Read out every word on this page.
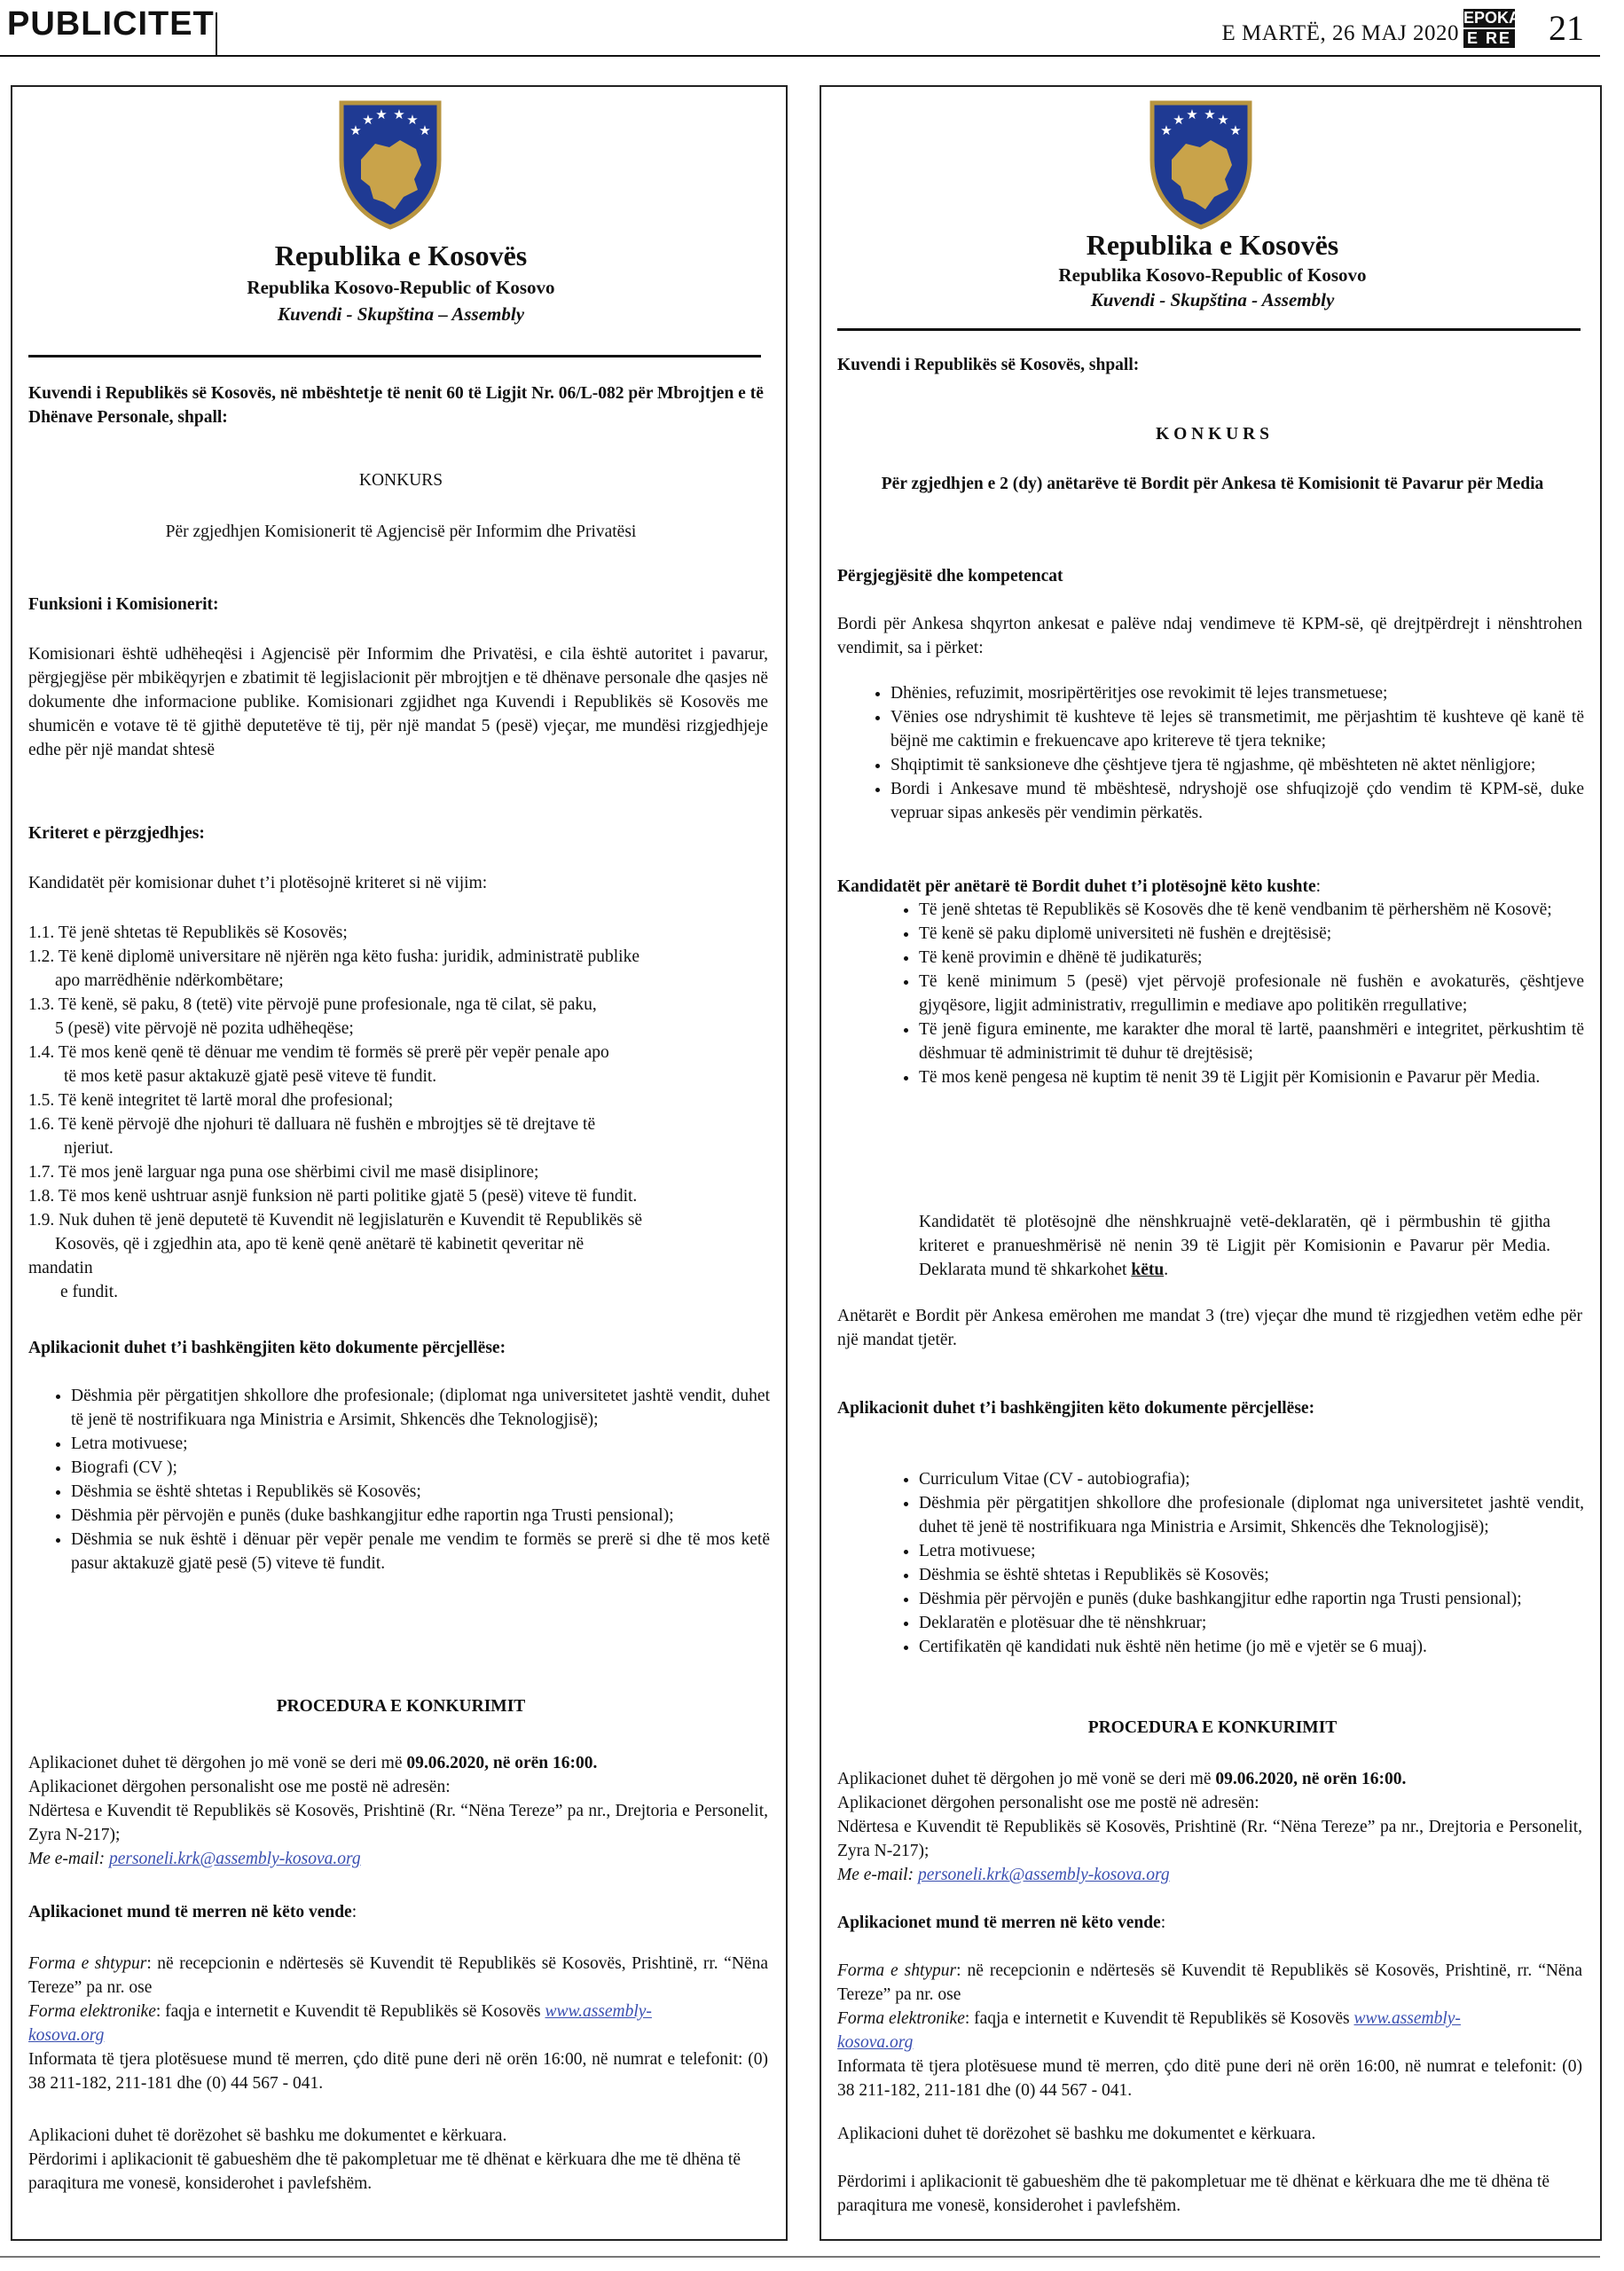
PUBLICITET	E MARTË, 26 MAJ 2020
EPOKA
E RE 21
★
★ ★ ★ ★
★
Republika e Kosovës
Republika Kosovo-Republic of Kosovo
Kuvendi - Skupština – Assembly

Kuvendi i Republikës së Kosovës, në mbështetje të nenit 60 të Ligjit Nr. 06/L-082 për Mbrojtjen e të Dhënave Personale, shpall:

KONKURS

Për zgjedhjen Komisionerit të Agjencisë për Informim dhe Privatësi

Funksioni i Komisionerit:

Komisionari është udhëheqësi i Agjencisë për Informim dhe Privatësi, e cila është autoritet i pavarur, përgjegjëse për mbikëqyrjen e zbatimit të legjislacionit për mbrojtjen e të dhënave personale dhe qasjes në dokumente dhe informacione publike. Komisionari zgjidhet nga Kuvendi i Republikës së Kosovës me shumicën e votave të të gjithë deputetëve të tij, për një mandat 5 (pesë) vjeçar, me mundësi rizgjedhjeje edhe për një mandat shtesë

Kriteret e përzgjedhjes:

Kandidatët për komisionar duhet t’i plotësojnë kriteret si në vijim:

1.1. Të jenë shtetas të Republikës së Kosovës;
1.2. Të kenë diplomë universitare në njërën nga këto fusha: juridik, administratë publike
apo marrëdhënie ndërkombëtare;
1.3. Të kenë, së paku, 8 (tetë) vite përvojë pune profesionale, nga të cilat, së paku,
5 (pesë) vite përvojë në pozita udhëheqëse;
1.4. Të mos kenë qenë të dënuar me vendim të formës së prerë për vepër penale apo
të mos ketë pasur aktakuzë gjatë pesë viteve të fundit.
1.5. Të kenë integritet të lartë moral dhe profesional;
1.6. Të kenë përvojë dhe njohuri të dalluara në fushën e mbrojtjes së të drejtave të
njeriut.
1.7. Të mos jenë larguar nga puna ose shërbimi civil me masë disiplinore;
1.8. Të mos kenë ushtruar asnjë funksion në parti politike gjatë 5 (pesë) viteve të fundit.
1.9. Nuk duhen të jenë deputetë të Kuvendit në legjislaturën e Kuvendit të Republikës së
Kosovës, që i zgjedhin ata, apo të kenë qenë anëtarë të kabinetit qeveritar në
mandatin
e fundit.

Aplikacionit duhet t’i bashkëngjiten këto dokumente përcjellëse:

• Dëshmia për përgatitjen shkollore dhe profesionale; (diplomat nga universitetet jashtë vendit, duhet të jenë të nostrifikuara nga Ministria e Arsimit, Shkencës dhe Teknologjisë);
• Letra motivuese;
• Biografi (CV );
• Dëshmia se është shtetas i Republikës së Kosovës;
• Dëshmia për përvojën e punës (duke bashkangjitur edhe raportin nga Trusti pensional);
• Dëshmia se nuk është i dënuar për vepër penale me vendim te formës se prerë si dhe të mos ketë pasur aktakuzë gjatë pesë (5) viteve të fundit.

PROCEDURA E KONKURIMIT

Aplikacionet duhet të dërgohen jo më vonë se deri më 09.06.2020, në orën 16:00.

Aplikacionet dërgohen personalisht ose me postë në adresën:

Ndërtesa e Kuvendit të Republikës së Kosovës, Prishtinë (Rr. “Nëna Tereze” pa nr., Drejtoria e Personelit, Zyra N-217);

Me e-mail: personeli.krk@assembly-kosova.org

Aplikacionet mund të merren në këto vende:

Forma e shtypur: në recepcionin e ndërtesës së Kuvendit të Republikës së Kosovës, Prishtinë, rr. “Nëna Tereze” pa nr. ose

Forma elektronike: faqja e internetit e Kuvendit të Republikës së Kosovës www.assembly-
kosova.org

Informata të tjera plotësuese mund të merren, çdo ditë pune deri në orën 16:00, në numrat e telefonit: (0) 38 211-182, 211-181 dhe (0) 44 567 - 041.

Aplikacioni duhet të dorëzohet së bashku me dokumentet e kërkuara.

Përdorimi i aplikacionit të gabueshëm dhe të pakompletuar me të dhënat e kërkuara dhe me të dhëna të paraqitura me vonesë, konsiderohet i pavlefshëm.

★
★ ★ ★ ★
★
Republika e Kosovës
Republika Kosovo-Republic of Kosovo
Kuvendi - Skupština - Assembly

Kuvendi i Republikës së Kosovës, shpall:

K O N K U R S

Për zgjedhjen e 2 (dy) anëtarëve të Bordit për Ankesa të Komisionit të Pavarur për Media

Përgjegjësitë dhe kompetencat

Bordi për Ankesa shqyrton ankesat e palëve ndaj vendimeve të KPM-së, që drejtpërdrejt i nënshtrohen vendimit, sa i përket:

• Dhënies, refuzimit, mosripërtëritjes ose revokimit të lejes transmetuese;
• Vënies ose ndryshimit të kushteve të lejes së transmetimit, me përjashtim të kushteve që kanë të bëjnë me caktimin e frekuencave apo kritereve të tjera teknike;
• Shqiptimit të sanksioneve dhe çështjeve tjera të ngjashme, që mbështeten në aktet nënligjore;
• Bordi i Ankesave mund të mbështesë, ndryshojë ose shfuqizojë çdo vendim të KPM-së, duke vepruar sipas ankesës për vendimin përkatës.

Kandidatët për anëtarë të Bordit duhet t’i plotësojnë këto kushte:

• Të jenë shtetas të Republikës së Kosovës dhe të kenë vendbanim të përhershëm në Kosovë;
• Të kenë së paku diplomë universiteti në fushën e drejtësisë;
• Të kenë provimin e dhënë të judikaturës;
• Të kenë minimum 5 (pesë) vjet përvojë profesionale në fushën e avokaturës, çështjeve gjyqësore, ligjit administrativ, rregullimin e mediave apo politikën rregullative;
• Të jenë figura eminente, me karakter dhe moral të lartë, paanshmëri e integritet, përkushtim të dëshmuar të administrimit të duhur të drejtësisë;
• Të mos kenë pengesa në kuptim të nenit 39 të Ligjit për Komisionin e Pavarur për Media.

Kandidatët të plotësojnë dhe nënshkruajnë vetë-deklaratën, që i përmbushin të gjitha kriteret e pranueshmërisë në nenin 39 të Ligjit për Komisionin e Pavarur për Media. Deklarata mund të shkarkohet këtu.

Anëtarët e Bordit për Ankesa emërohen me mandat 3 (tre) vjeçar dhe mund të rizgjedhen vetëm edhe për një mandat tjetër.

Aplikacionit duhet t’i bashkëngjiten këto dokumente përcjellëse:

• Curriculum Vitae (CV - autobiografia);
• Dëshmia për përgatitjen shkollore dhe profesionale (diplomat nga universitetet jashtë vendit, duhet të jenë të nostrifikuara nga Ministria e Arsimit, Shkencës dhe Teknologjisë);
• Letra motivuese;
• Dëshmia se është shtetas i Republikës së Kosovës;
• Dëshmia për përvojën e punës (duke bashkangjitur edhe raportin nga Trusti pensional);
• Deklaratën e plotësuar dhe të nënshkruar;
• Certifikatën që kandidati nuk është nën hetime (jo më e vjetër se 6 muaj).

PROCEDURA E KONKURIMIT

Aplikacionet duhet të dërgohen jo më vonë se deri më 09.06.2020, në orën 16:00.

Aplikacionet dërgohen personalisht ose me postë në adresën:

Ndërtesa e Kuvendit të Republikës së Kosovës, Prishtinë (Rr. “Nëna Tereze” pa nr., Drejtoria e Personelit, Zyra N-217);

Me e-mail: personeli.krk@assembly-kosova.org

Aplikacionet mund të merren në këto vende:

Forma e shtypur: në recepcionin e ndërtesës së Kuvendit të Republikës së Kosovës, Prishtinë, rr. “Nëna Tereze” pa nr. ose

Forma elektronike: faqja e internetit e Kuvendit të Republikës së Kosovës www.assembly-
kosova.org

Informata të tjera plotësuese mund të merren, çdo ditë pune deri në orën 16:00, në numrat e telefonit: (0) 38 211-182, 211-181 dhe (0) 44 567 - 041.

Aplikacioni duhet të dorëzohet së bashku me dokumentet e kërkuara.

Përdorimi i aplikacionit të gabueshëm dhe të pakompletuar me të dhënat e kërkuara dhe me të dhëna të paraqitura me vonesë, konsiderohet i pavlefshëm.
